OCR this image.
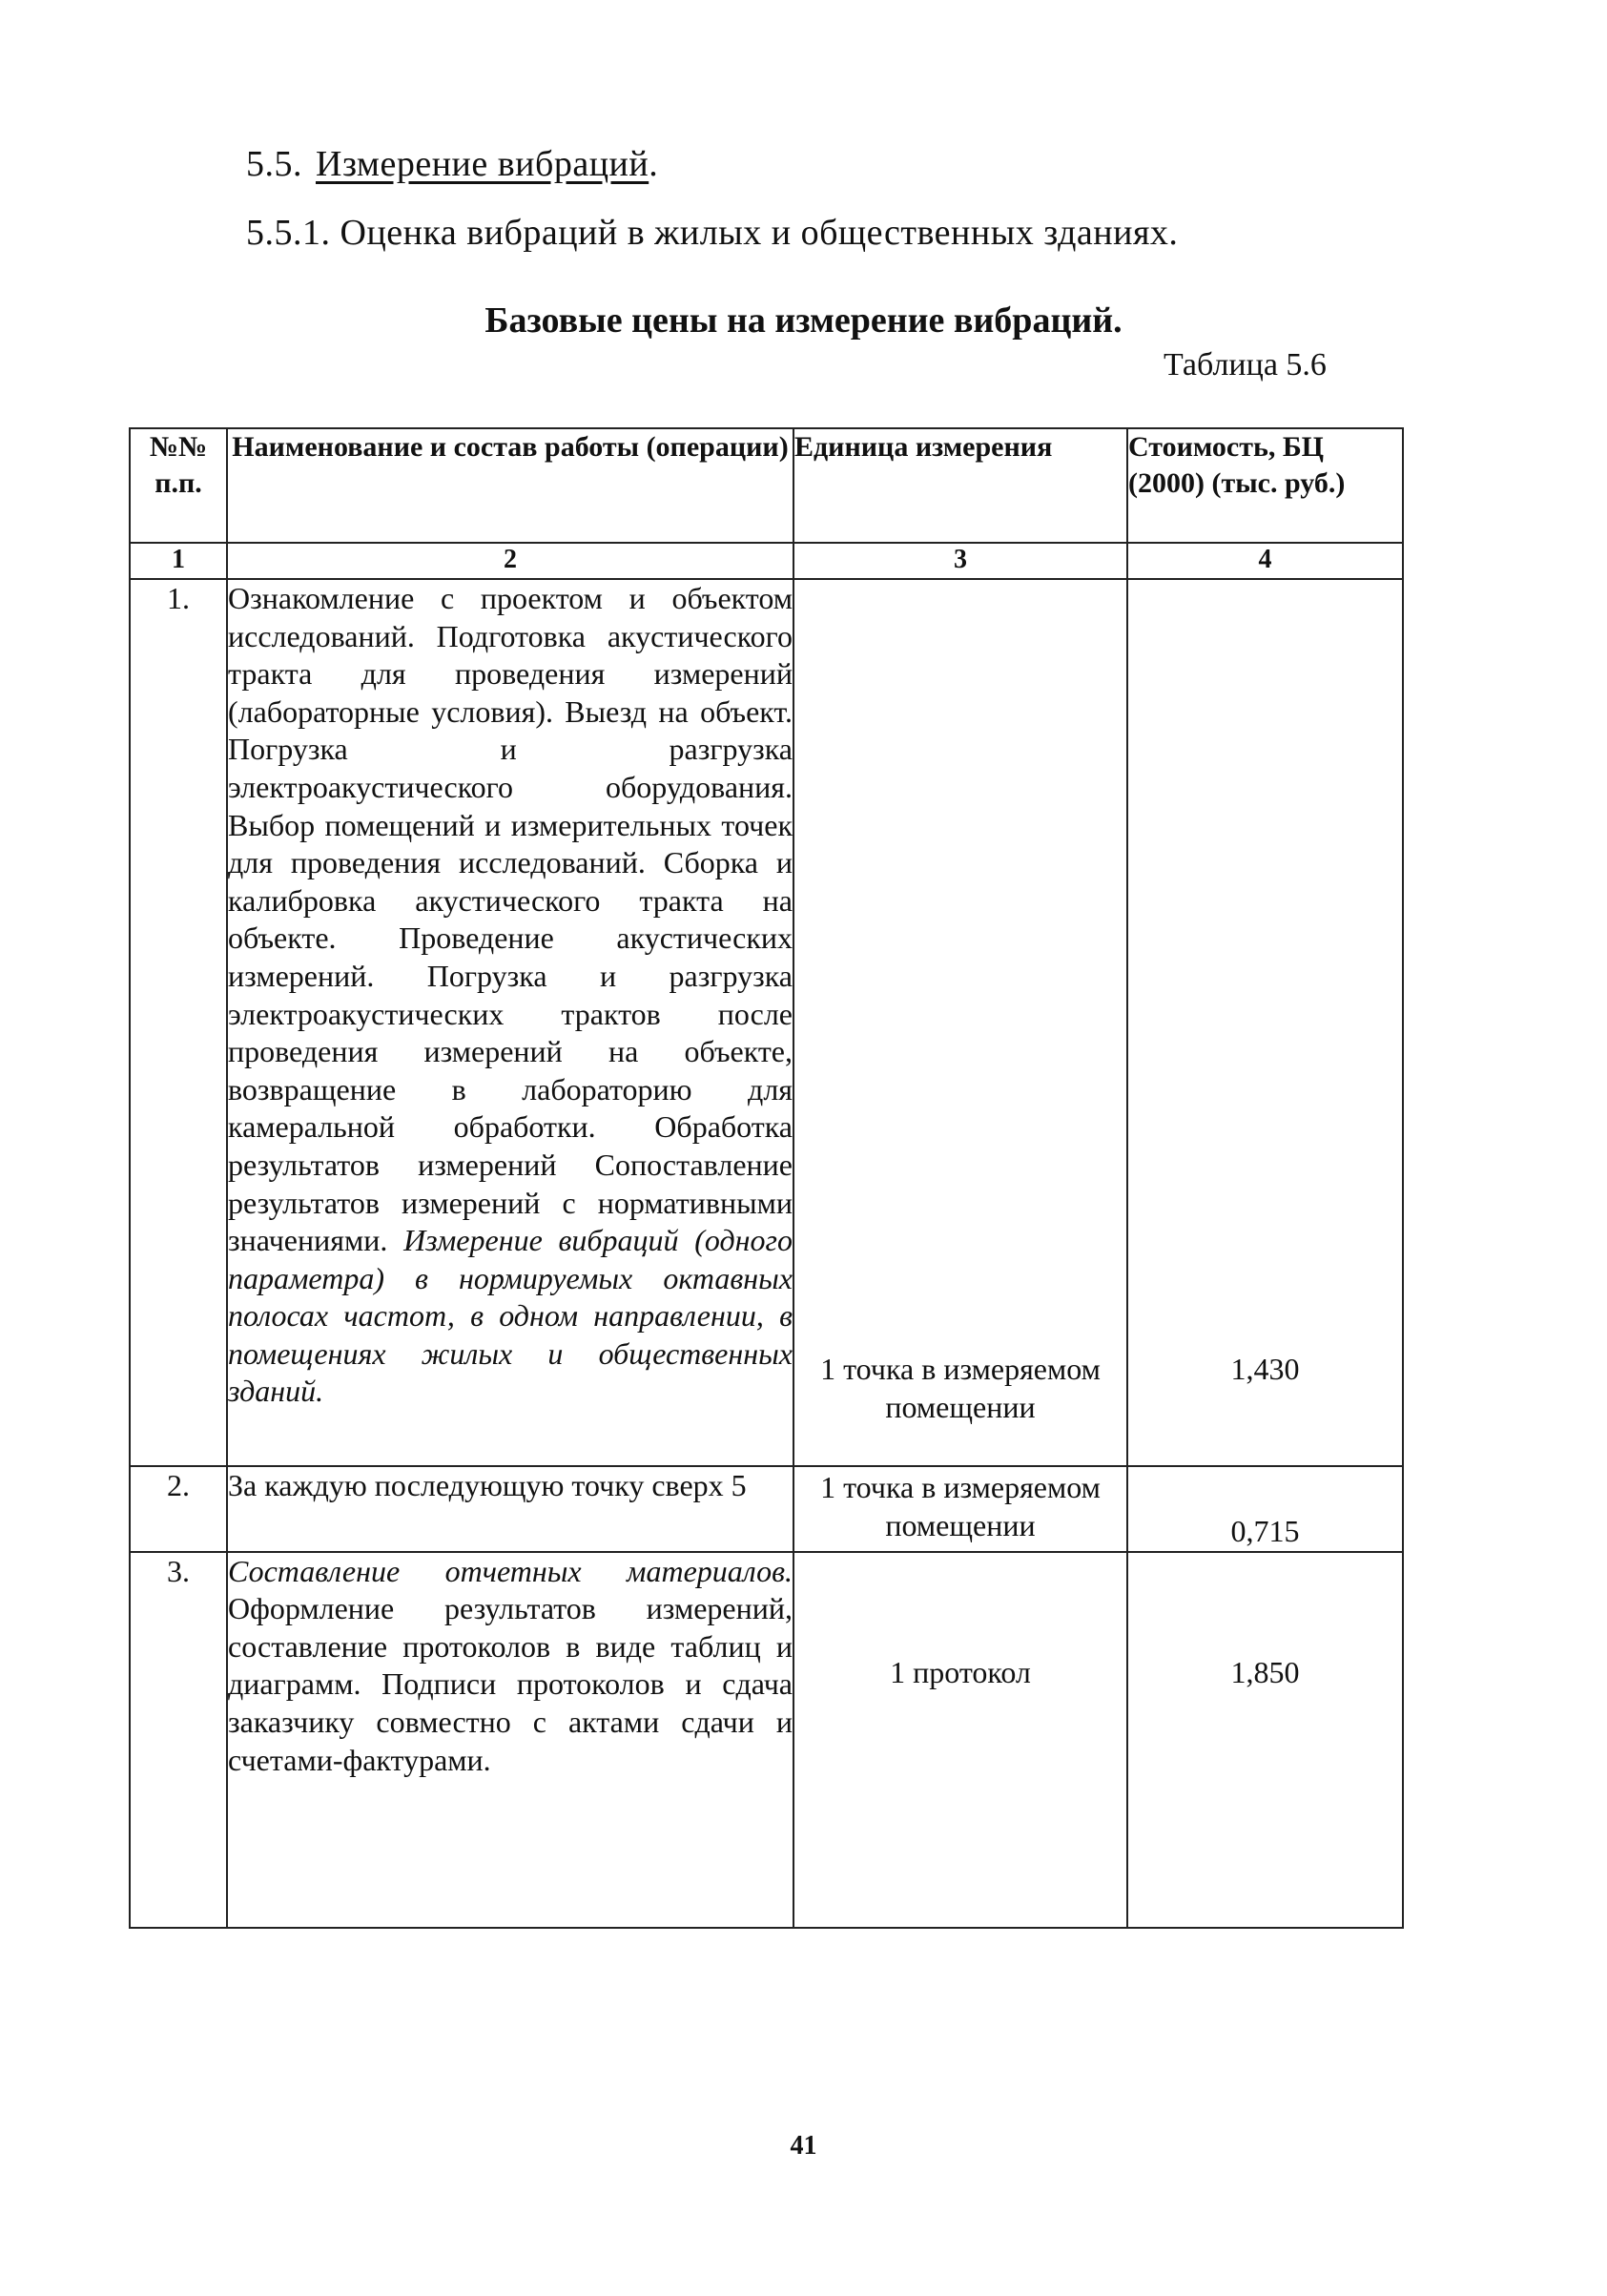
5.5. Измерение вибраций.
5.5.1. Оценка вибраций в жилых и общественных зданиях.
Базовые цены на измерение вибраций.
Таблица 5.6
№№ п.п.	Наименование и состав работы (операции)	Единица измерения	Стоимость, БЦ (2000) (тыс. руб.)
1	2	3	4
1.	Ознакомление с проектом и объектом исследований. Подготовка акустического тракта для проведения измерений (лабораторные условия). Выезд на объект. Погрузка и разгрузка электроакустического оборудования. Выбор помещений и измерительных точек для проведения исследований. Сборка и калибровка акустического тракта на объекте. Проведение акустических измерений. Погрузка и разгрузка электроакустических трактов после проведения измерений на объекте, возвращение в лабораторию для камеральной обработки. Обработка результатов измерений Сопоставление результатов измерений с нормативными значениями. Измерение вибраций (одного параметра) в нормируемых октавных полосах частот, в одном направлении, в помещениях жилых и общественных зданий.	1 точка в измеряемом помещении	1,430

2.	За каждую последующую точку сверх 5	1 точка в измеряемом помещении	0,715

3.	Составление отчетных материалов. Оформление результатов измерений, составление протоколов в виде таблиц и диаграмм. Подписи протоколов и сдача заказчику совместно с актами сдачи и счетами-фактурами.	1 протокол	1,850
41
